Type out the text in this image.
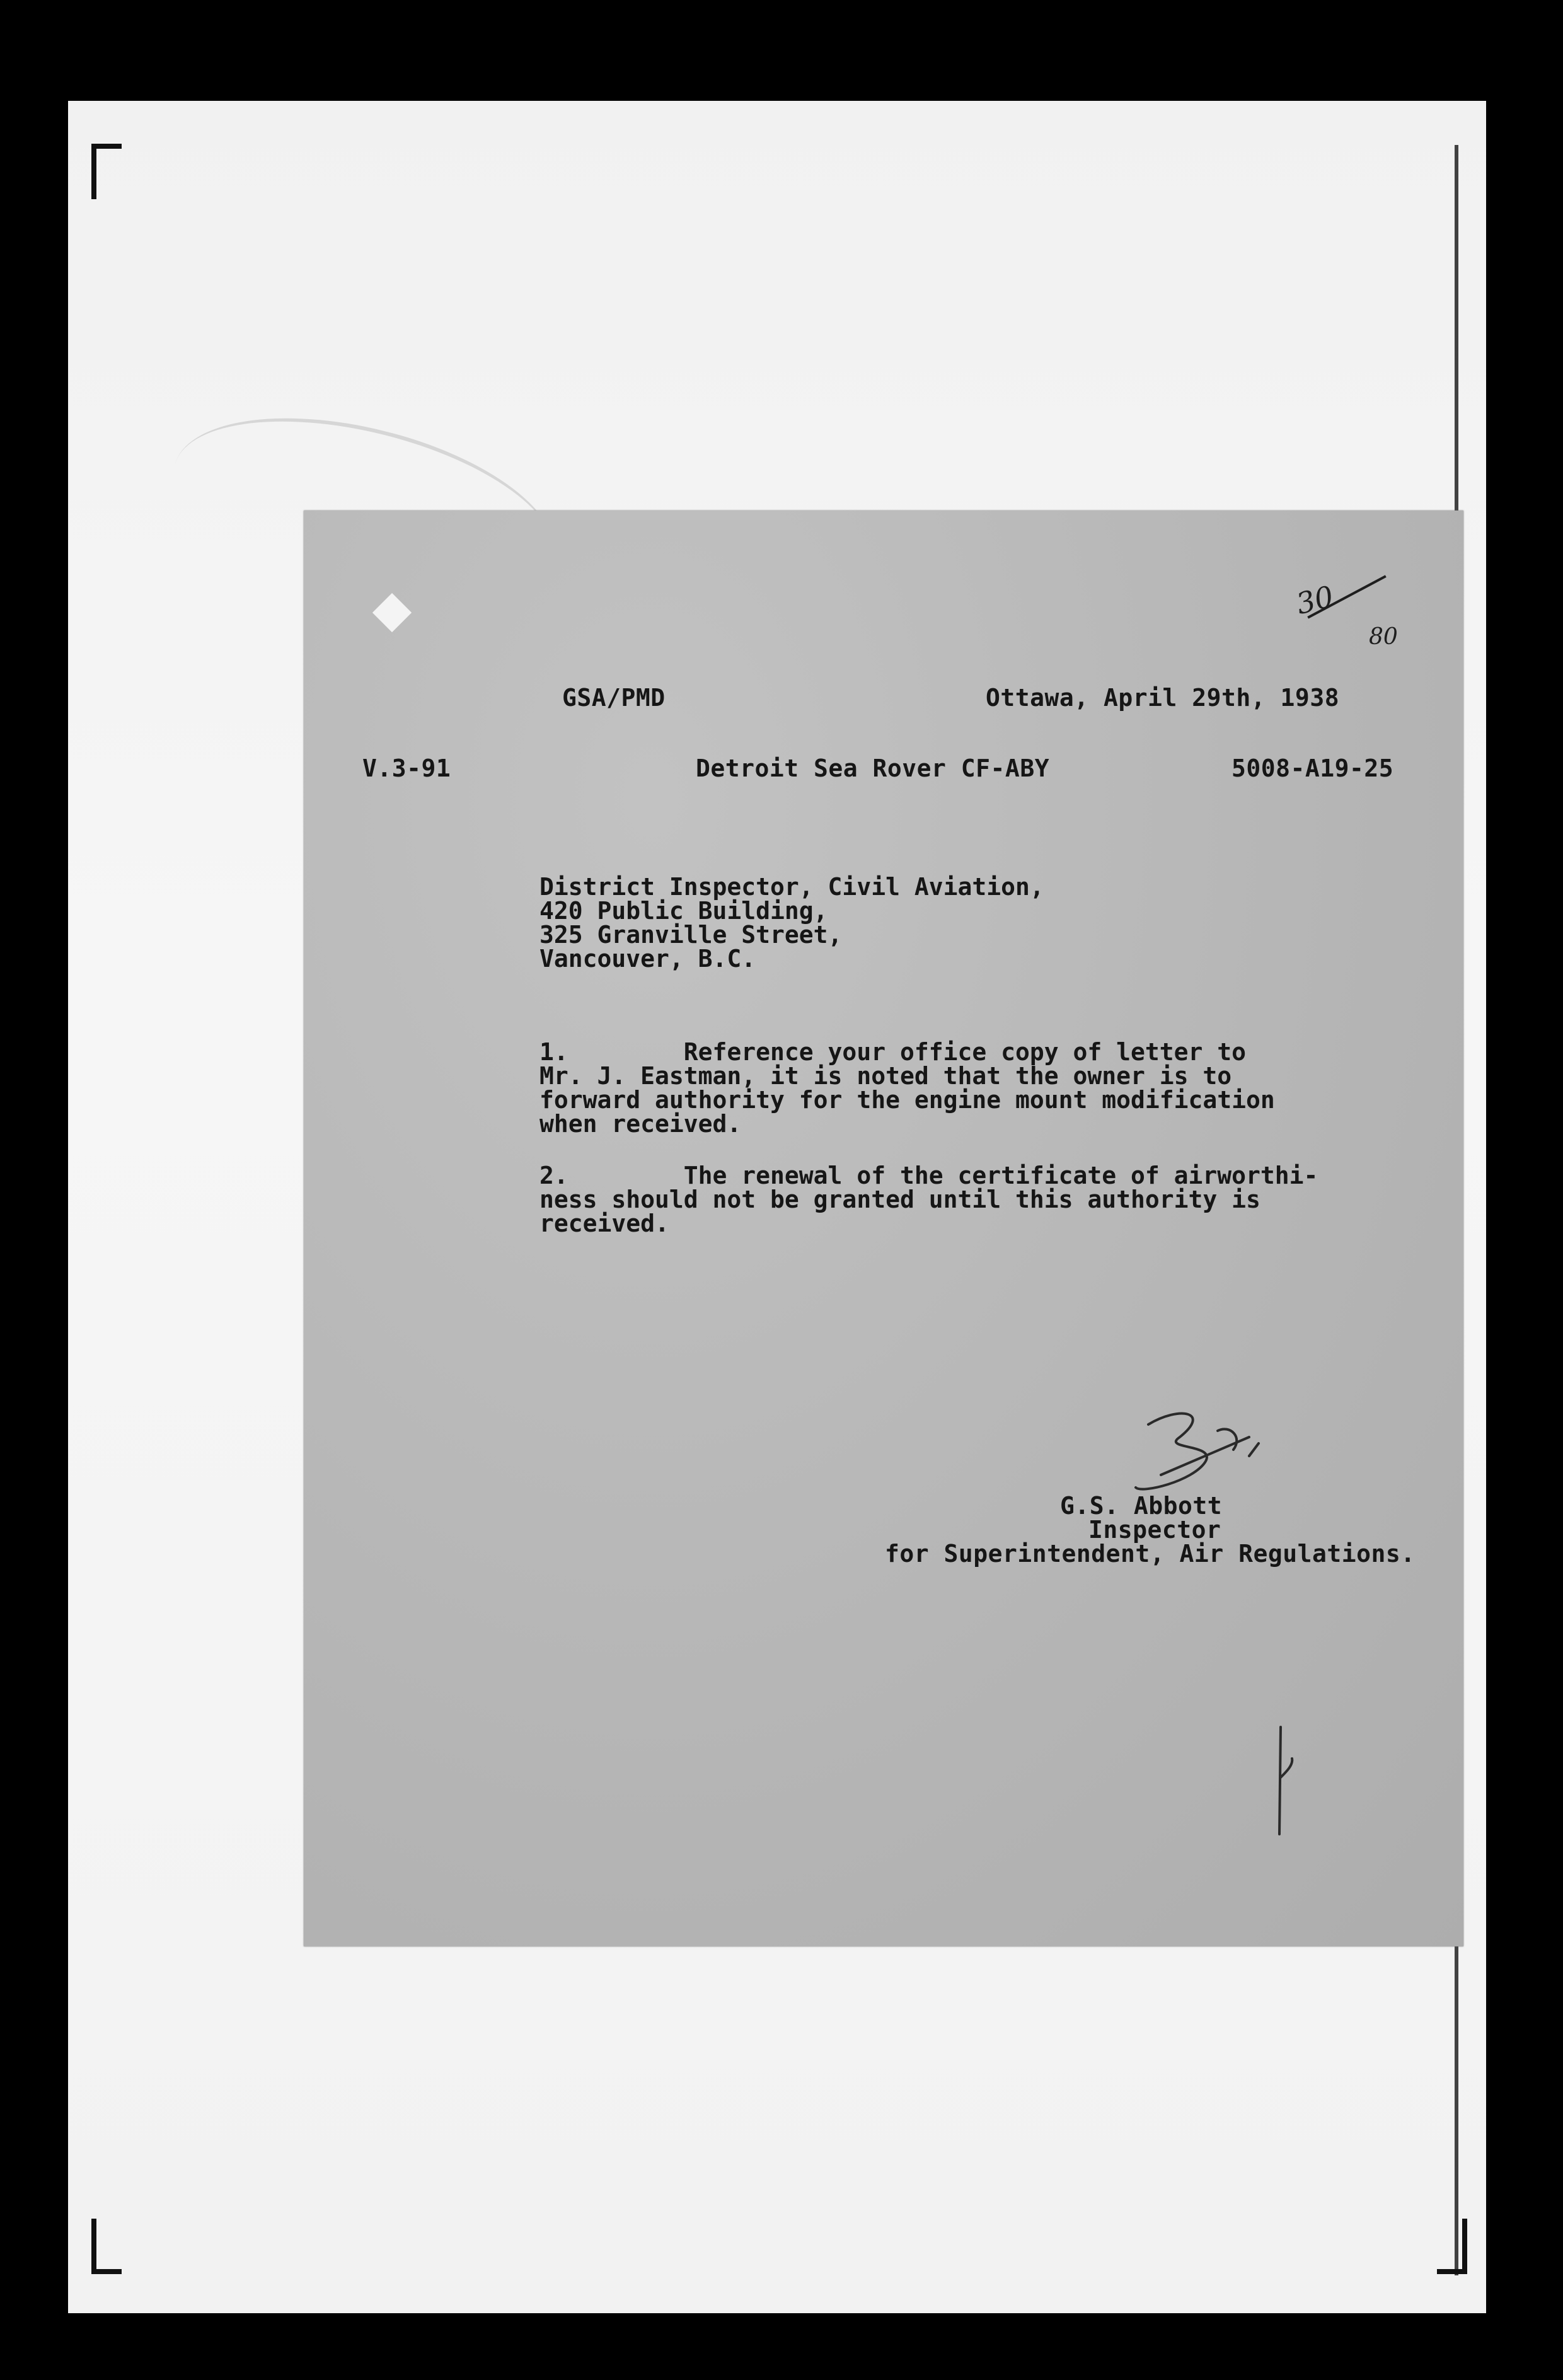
30
80
GSA/PMD	Ottawa, April 29th, 1938
V.3-91	Detroit Sea Rover CF-ABY	5008-A19-25
District Inspector, Civil Aviation,
420 Public Building,
325 Granville Street,
Vancouver, B.C.
1.        Reference your office copy of letter to
Mr. J. Eastman, it is noted that the owner is to
forward authority for the engine mount modification
when received.
2.        The renewal of the certificate of airworthi-
ness should not be granted until this authority is
received.
G.S. Abbott
Inspector
for Superintendent, Air Regulations.
